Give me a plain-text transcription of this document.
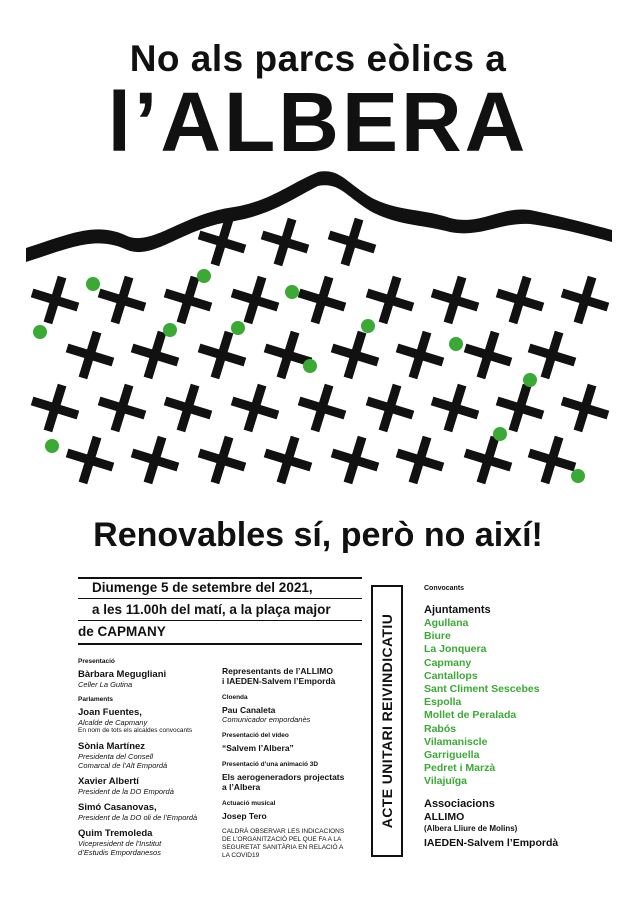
No als parcs eòlics a
l’ALBERA
Renovables sí, però no així!
Diumenge 5 de setembre del 2021,
a les 11.00h del matí, a la plaça major
de CAPMANY
Presentació
Bàrbara Megugliani
Celler La Gutina
Parlaments
Joan Fuentes,
Alcalde de Capmany
En nom de tots els alcaldes convocants
Sònia Martínez
Presidenta del Consell
Comarcal de l’Alt Empordà
Xavier Albertí
President de la DO Empordà
Simó Casanovas,
President de la DO oli de l’Empordà
Quim Tremoleda
Vicepresident de l’Institut
d’Estudis Empordanesos
Representants de l’ALLIMO
i IAEDEN-Salvem l’Empordà
Cloenda
Pau Canaleta
Comunicador empordanès
Presentació del vídeo
“Salvem l’Albera”
Presentació d’una animació 3D
Els aerogeneradors projectats
a l’Albera
Actuació musical
Josep Tero
CALDRÀ OBSERVAR LES INDICACIONS
DE L’ORGANITZACIÓ PEL QUE FA A LA
SEGURETAT SANITÀRIA EN RELACIÓ A
LA COVID19
ACTE UNITARI REIVINDICATIU
Convocants
Ajuntaments
Agullana
Biure
La Jonquera
Capmany
Cantallops
Sant Climent Sescebes
Espolla
Mollet de Peralada
Rabós
Vilamaniscle
Garriguella
Pedret i Marzà
Vilajuïga
Associacions
ALLIMO
(Albera Lliure de Molins)
IAEDEN-Salvem l’Empordà
